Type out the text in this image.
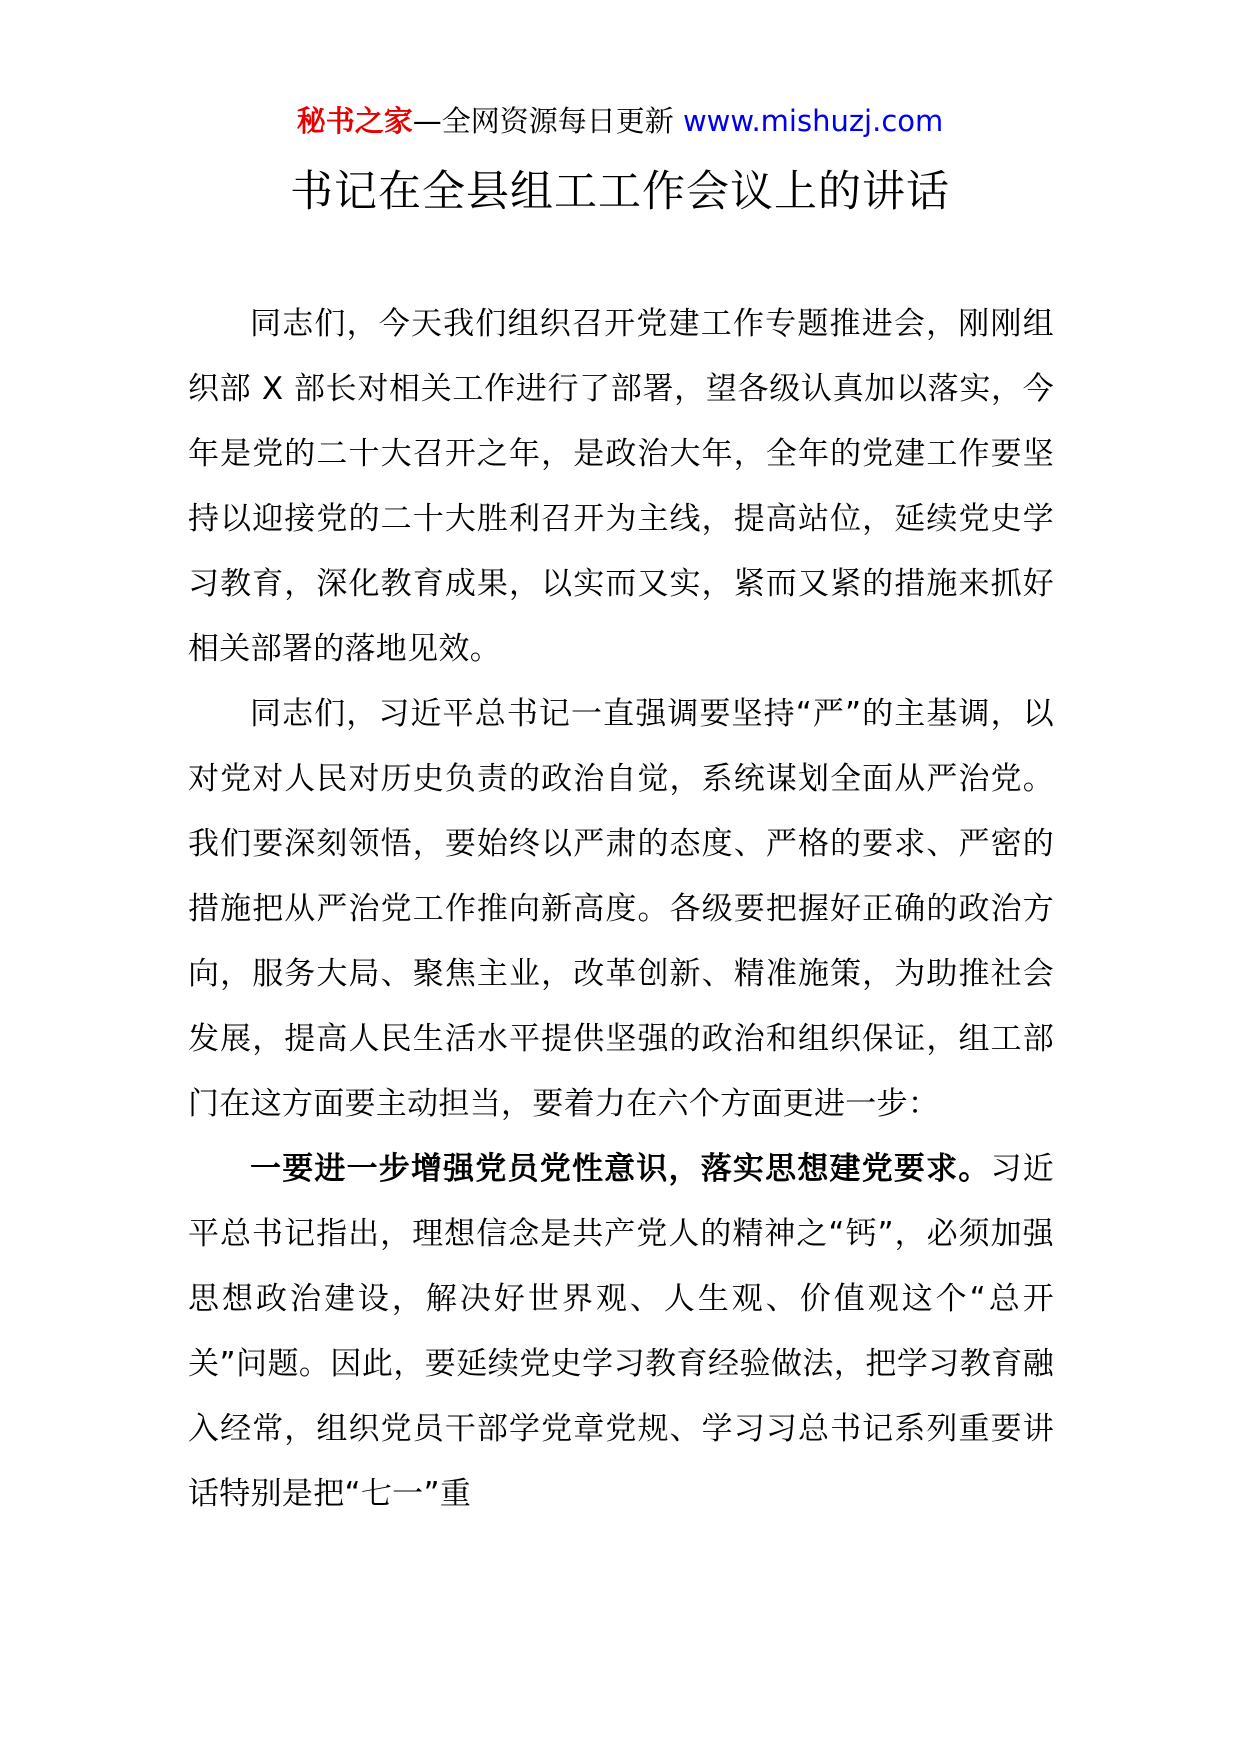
秘书之家—全网资源每日更新 www.mishuzj.com
书记在全县组工工作会议上的讲话

同志们，今天我们组织召开党建工作专题推进会，刚刚组织部 X 部长对相关工作进行了部署，望各级认真加以落实，今年是党的二十大召开之年，是政治大年，全年的党建工作要坚持以迎接党的二十大胜利召开为主线，提高站位，延续党史学习教育，深化教育成果，以实而又实，紧而又紧的措施来抓好相关部署的落地见效。

同志们，习近平总书记一直强调要坚持“严”的主基调，以对党对人民对历史负责的政治自觉，系统谋划全面从严治党。 我们要深刻领悟，要始终以严肃的态度、严格的要求、严密的措施把从严治党工作推向新高度。各级要把握好正确的政治方向，服务大局、聚焦主业，改革创新、精准施策，为助推社会发展，提高人民生活水平提供坚强的政治和组织保证，组工部门在这方面要主动担当，要着力在六个方面更进一步：

一要进一步增强党员党性意识，落实思想建党要求。习近平总书记指出，理想信念是共产党人的精神之“钙”，必须加强思想政治建设，解决好世界观、人生观、价值观这个“总开关”问题。因此，要延续党史学习教育经验做法，把学习教育融入经常，组织党员干部学党章党规、学习习总书记系列重要讲话特别是把“七一”重
